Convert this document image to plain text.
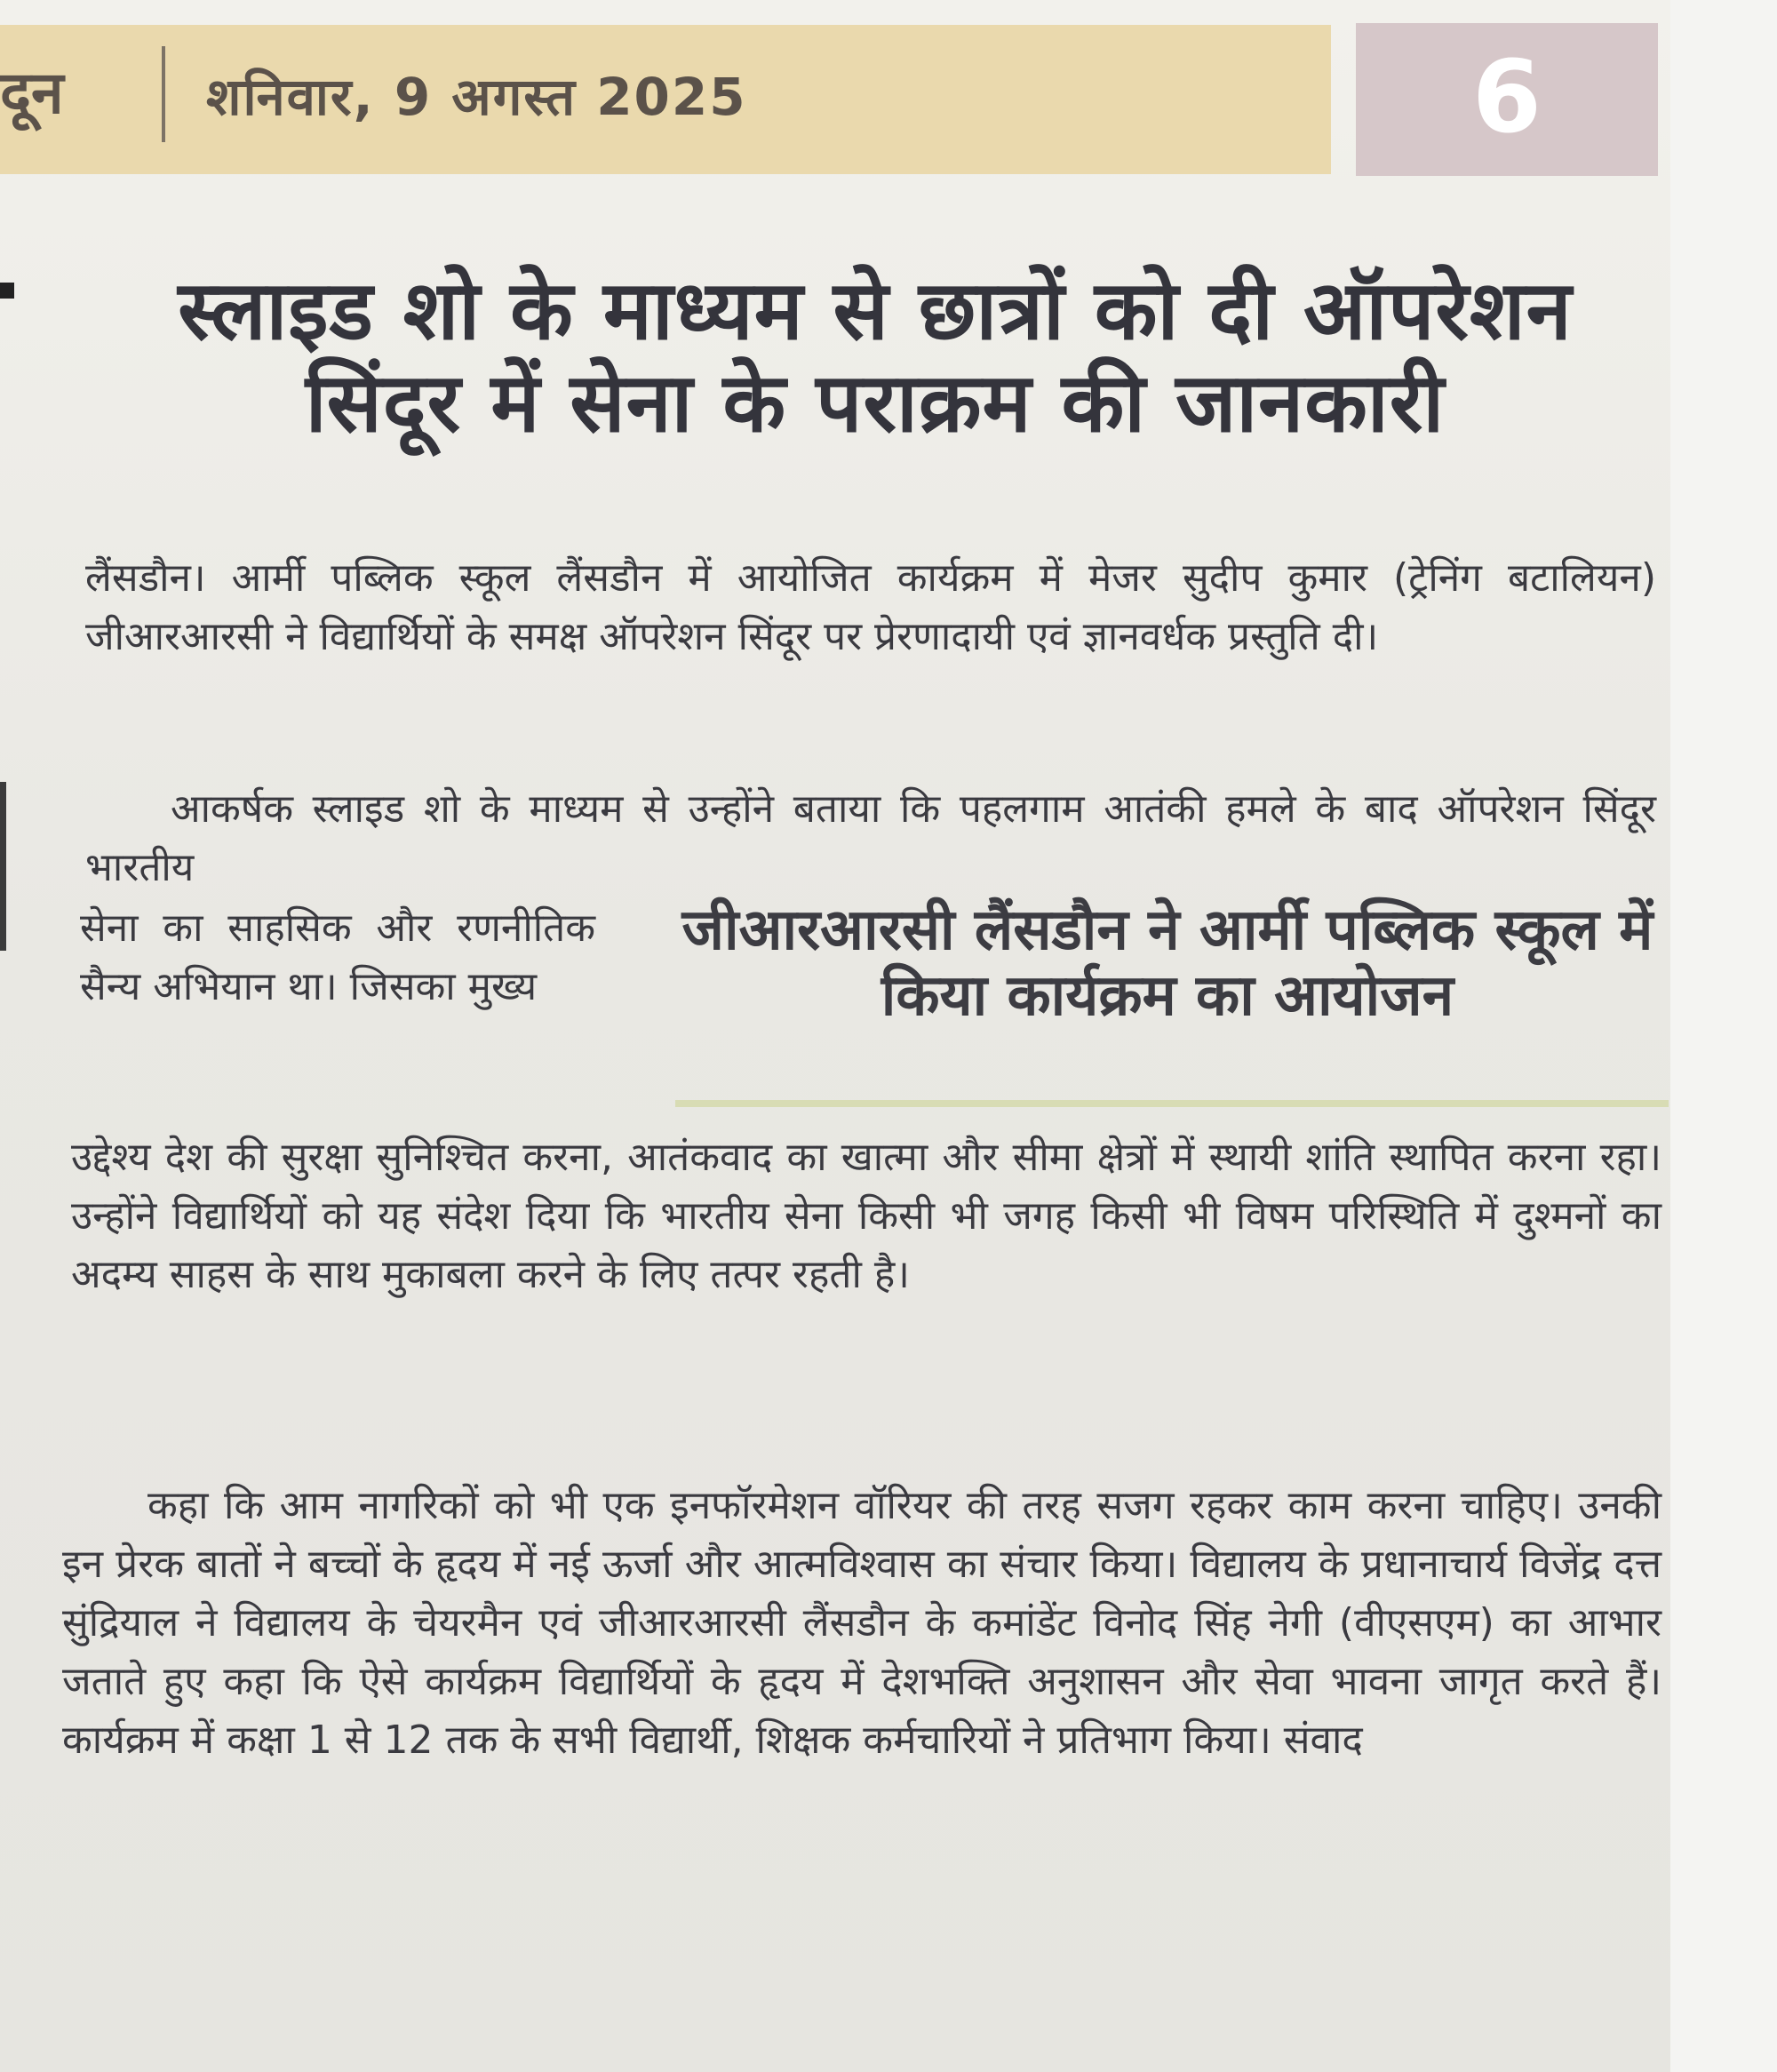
दून	शनिवार, 9 अगस्त 2025	6
स्लाइड शो के माध्यम से छात्रों को दी ऑपरेशन सिंदूर में सेना के पराक्रम की जानकारी
लैंसडौन। आर्मी पब्लिक स्कूल लैंसडौन में आयोजित कार्यक्रम में मेजर सुदीप कुमार (ट्रेनिंग बटालियन) जीआरआरसी ने विद्यार्थियों के समक्ष ऑपरेशन सिंदूर पर प्रेरणादायी एवं ज्ञानवर्धक प्रस्तुति दी।
आकर्षक स्लाइड शो के माध्यम से उन्होंने बताया कि पहलगाम आतंकी हमले के बाद ऑपरेशन सिंदूर भारतीय
सेना का साहसिक और रणनीतिक सैन्य अभियान था। जिसका मुख्य
जीआरआरसी लैंसडौन ने आर्मी पब्लिक स्कूल में किया कार्यक्रम का आयोजन
उद्देश्य देश की सुरक्षा सुनिश्चित करना, आतंकवाद का खात्मा और सीमा क्षेत्रों में स्थायी शांति स्थापित करना रहा। उन्होंने विद्यार्थियों को यह संदेश दिया कि भारतीय सेना किसी भी जगह किसी भी विषम परिस्थिति में दुश्मनों का अदम्य साहस के साथ मुकाबला करने के लिए तत्पर रहती है।
कहा कि आम नागरिकों को भी एक इनफॉरमेशन वॉरियर की तरह सजग रहकर काम करना चाहिए। उनकी इन प्रेरक बातों ने बच्चों के हृदय में नई ऊर्जा और आत्मविश्वास का संचार किया। विद्यालय के प्रधानाचार्य विजेंद्र दत्त सुंद्रियाल ने विद्यालय के चेयरमैन एवं जीआरआरसी लैंसडौन के कमांडेंट विनोद सिंह नेगी (वीएसएम) का आभार जताते हुए कहा कि ऐसे कार्यक्रम विद्यार्थियों के हृदय में देशभक्ति अनुशासन और सेवा भावना जागृत करते हैं। कार्यक्रम में कक्षा 1 से 12 तक के सभी विद्यार्थी, शिक्षक कर्मचारियों ने प्रतिभाग किया। संवाद
